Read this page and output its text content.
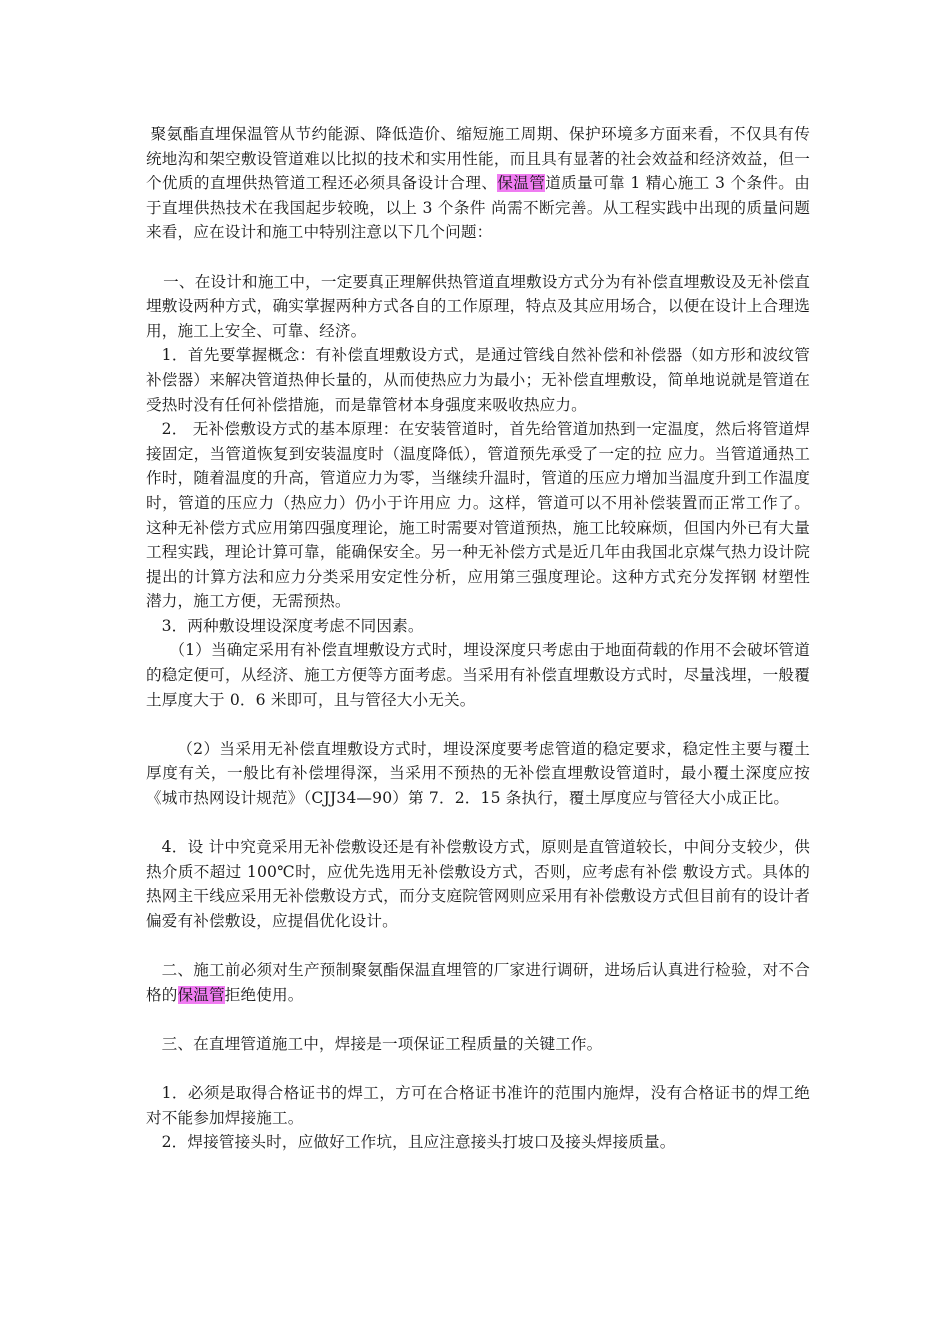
聚氨酯直埋保温管从节约能源、降低造价、缩短施工周期、保护环境多方面来看，不仅具有传统地沟和架空敷设管道难以比拟的技术和实用性能，而且具有显著的社会效益和经济效益，但一个优质的直埋供热管道工程还必须具备设计合理、保温管道质量可靠 1 精心施工 3 个条件。由于直埋供热技术在我国起步较晚，以上 3 个条件 尚需不断完善。从工程实践中出现的质量问题来看，应在设计和施工中特别注意以下几个问题：

一、在设计和施工中，一定要真正理解供热管道直埋敷设方式分为有补偿直埋敷设及无补偿直埋敷设两种方式，确实掌握两种方式各自的工作原理，特点及其应用场合，以便在设计上合理选用，施工上安全、可靠、经济。

1．首先要掌握概念：有补偿直埋敷设方式，是通过管线自然补偿和补偿器（如方形和波纹管补偿器）来解决管道热伸长量的，从而使热应力为最小；无补偿直埋敷设，简单地说就是管道在受热时没有任何补偿措施，而是靠管材本身强度来吸收热应力。

2． 无补偿敷设方式的基本原理：在安装管道时，首先给管道加热到一定温度，然后将管道焊接固定，当管道恢复到安装温度时（温度降低），管道预先承受了一定的拉 应力。当管道通热工作时，随着温度的升高，管道应力为零，当继续升温时，管道的压应力增加当温度升到工作温度时，管道的压应力（热应力）仍小于许用应 力。这样，管道可以不用补偿装置而正常工作了。这种无补偿方式应用第四强度理论，施工时需要对管道预热，施工比较麻烦，但国内外已有大量工程实践，理论计算可靠，能确保安全。另一种无补偿方式是近几年由我国北京煤气热力设计院提出的计算方法和应力分类采用安定性分析，应用第三强度理论。这种方式充分发挥钢 材塑性潜力，施工方便，无需预热。

3．两种敷设埋设深度考虑不同因素。

（1）当确定采用有补偿直埋敷设方式时，埋设深度只考虑由于地面荷载的作用不会破坏管道的稳定便可，从经济、施工方便等方面考虑。当采用有补偿直埋敷设方式时，尽量浅埋，一般覆土厚度大于 0．6 米即可，且与管径大小无关。

（2）当采用无补偿直埋敷设方式时，埋设深度要考虑管道的稳定要求，稳定性主要与覆土厚度有关，一般比有补偿埋得深，当采用不预热的无补偿直埋敷设管道时，最小覆土深度应按《城市热网设计规范》（CJJ34—90）第 7．2．15 条执行，覆土厚度应与管径大小成正比。

4．设 计中究竟采用无补偿敷设还是有补偿敷设方式，原则是直管道较长，中间分支较少，供热介质不超过 100℃时，应优先选用无补偿敷设方式，否则，应考虑有补偿 敷设方式。具体的热网主干线应采用无补偿敷设方式，而分支庭院管网则应采用有补偿敷设方式但目前有的设计者偏爱有补偿敷设，应提倡优化设计。

二、施工前必须对生产预制聚氨酯保温直埋管的厂家进行调研，进场后认真进行检验，对不合格的保温管拒绝使用。

三、在直埋管道施工中，焊接是一项保证工程质量的关键工作。

1．必须是取得合格证书的焊工，方可在合格证书准许的范围内施焊，没有合格证书的焊工绝对不能参加焊接施工。

2．焊接管接头时，应做好工作坑，且应注意接头打坡口及接头焊接质量。
